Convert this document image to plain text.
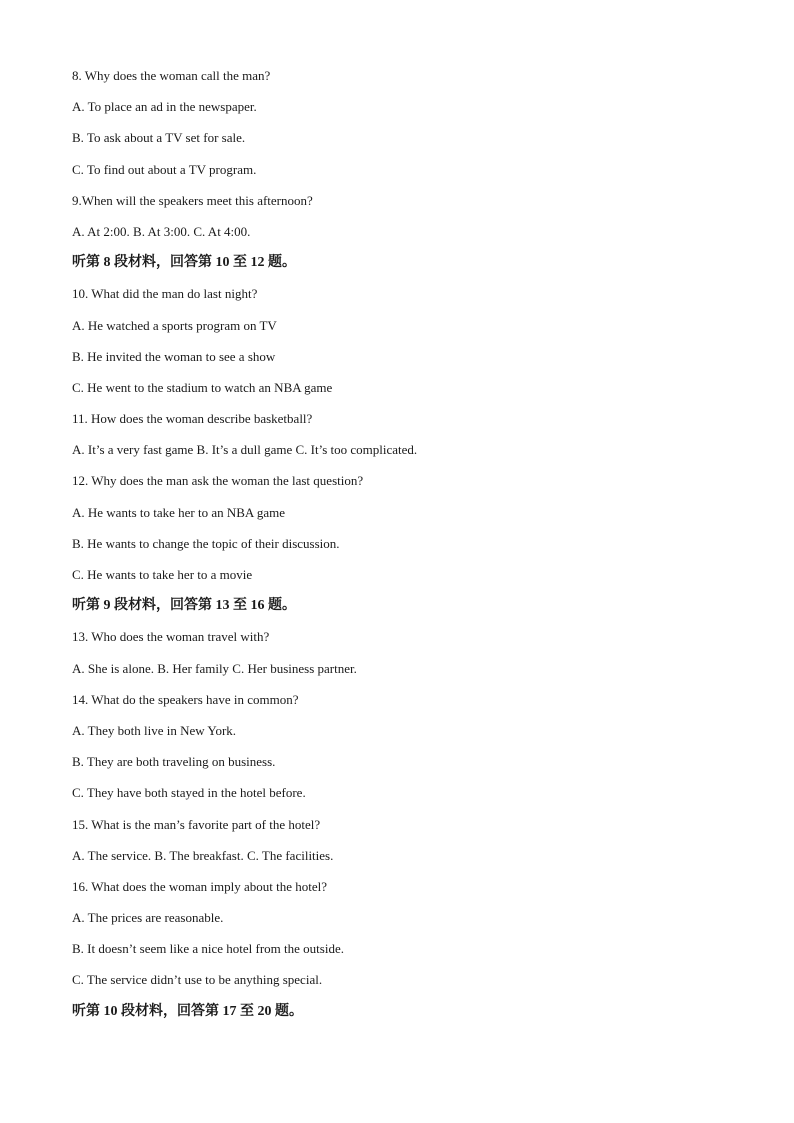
8. Why does the woman call the man?
A. To place an ad in the newspaper.
B. To ask about a TV set for sale.
C. To find out about a TV program.
9.When will the speakers meet this afternoon?
A. At 2:00. B. At 3:00. C. At 4:00.
听第 8 段材料，回答第 10 至 12 题。
10. What did the man do last night?
A. He watched a sports program on TV
B. He invited the woman to see a show
C. He went to the stadium to watch an NBA game
11. How does the woman describe basketball?
A. It’s a very fast game B. It’s a dull game C. It’s too complicated.
12. Why does the man ask the woman the last question?
A. He wants to take her to an NBA game
B. He wants to change the topic of their discussion.
C. He wants to take her to a movie
听第 9 段材料，回答第 13 至 16 题。
13. Who does the woman travel with?
A. She is alone. B. Her family C. Her business partner.
14. What do the speakers have in common?
A. They both live in New York.
B. They are both traveling on business.
C. They have both stayed in the hotel before.
15. What is the man’s favorite part of the hotel?
A. The service. B. The breakfast. C. The facilities.
16. What does the woman imply about the hotel?
A. The prices are reasonable.
B. It doesn’t seem like a nice hotel from the outside.
C. The service didn’t use to be anything special.
听第 10 段材料，回答第 17 至 20 题。
